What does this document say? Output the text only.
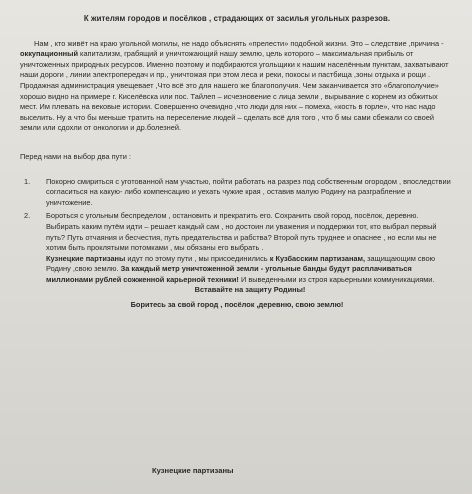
К жителям городов и посёлков , страдающих от засилья угольных разрезов.

Нам , кто живёт на краю угольной могилы, не надо объяснять «прелести» подобной жизни. Это – следствие ,причина - оккупационный капитализм, грабящий и уничтожающий нашу землю, цель которого – максимальная прибыль от уничтоженных природных ресурсов. Именно поэтому и подбираются угольщики к нашим населённым пунктам, захватывают наши дороги , линии электропередач и пр., уничтожая при этом леса и реки, покосы и пастбища ,зоны отдыха и рощи . Продажная администрация увещевает ,Что всё это для нашего же благополучия. Чем заканчивается это «благополучие» хорошо видно на примере г. Киселёвска или пос. Тайлеп – исчезновение с лица земли , вырывание с корнем из обжитых мест. Им плевать на вековые истории. Совершенно очевидно ,что люди для них – помеха, «кость в горле», что нас надо выселить. Ну а что бы меньше тратить на переселение людей – сделать всё для того , что б мы сами сбежали со своей земли или сдохли от онкологии и др.болезней.

Перед нами на выбор два пути :

1.	Покорно смириться с уготованной нам участью, пойти работать на разрез под собственным огородом , впоследствии согласиться на какую- либо компенсацию и уехать чужие края , оставив малую Родину на разграбление и уничтожение.

2.	Бороться с угольным беспределом , остановить и прекратить его. Сохранить свой город, посёлок, деревню.

Выбирать каким путём идти – решает каждый сам , но достоин ли уважения и поддержки тот, кто выбрал первый путь? Путь отчаяния и бесчестия, путь предательства и рабства? Второй путь труднее и опаснее , но если мы не хотим быть проклятыми потомками , мы обязаны его выбрать .

Кузнецкие партизаны идут по этому пути , мы присоединились к Кузбасским партизанам, защищающим свою Родину ,свою землю. За каждый метр уничтоженной земли - угольные банды будут расплачиваться миллионами рублей сожженной карьерной техники! И выведенными из строя карьерными коммуникациями.

Вставайте на защиту Родины!

Боритесь за свой город , посёлок ,деревню, свою землю!

Кузнецкие партизаны
